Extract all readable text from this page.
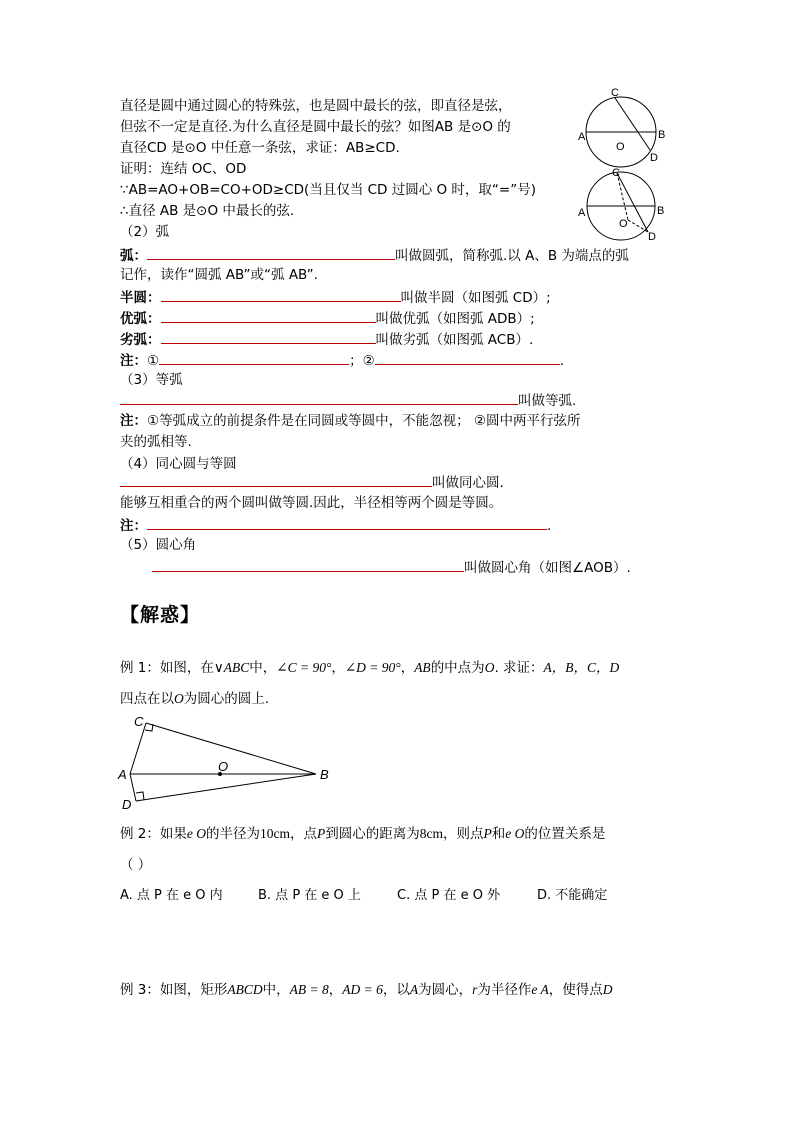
直径是圆中通过圆心的特殊弦，也是圆中最长的弦，即直径是弦，
但弦不一定是直径.为什么直径是圆中最长的弦？如图AB 是⊙O 的
直径CD 是⊙O 中任意一条弦，求证：AB≥CD.
证明：连结 OC、OD
∵AB=AO+OB=CO+OD≥CD(当且仅当 CD 过圆心 O 时，取“=”号)
∴直径 AB 是⊙O 中最长的弦.
A	B
C
D
O
A	B
C
D
O
（2）弧
弧：	叫做圆弧，简称弧.以 A、B 为端点的弧
记作，读作“圆弧 AB”或“弧 AB”.
半圆：	叫做半圆（如图弧 CD）;
优弧：	叫做优弧（如图弧 ADB）;
劣弧：	叫做劣弧（如图弧 ACB）.
注：①	；②	.
（3）等弧
叫做等弧.
注：①等弧成立的前提条件是在同圆或等圆中，不能忽视； ②圆中两平行弦所
夹的弧相等.
（4）同心圆与等圆
叫做同心圆.
能够互相重合的两个圆叫做等圆.因此，半径相等两个圆是等圆。
注：	.
（5）圆心角
叫做圆心角（如图∠AOB）.
【解惑】
例 1：如图，在∨ABC中，∠C = 90°，∠D = 90°，AB的中点为O. 求证：A，B，C，D
四点在以O为圆心的圆上.
C
A
O
B
D
例 2：如果e O的半径为10cm，点P到圆心的距离为8cm，则点P和e O的位置关系是
（ ）
A. 点 P 在 e O 内	B. 点 P 在 e O 上	C. 点 P 在 e O 外	D. 不能确定
例 3：如图，矩形ABCD中，AB = 8，AD = 6，以A为圆心，r为半径作e A，使得点D
